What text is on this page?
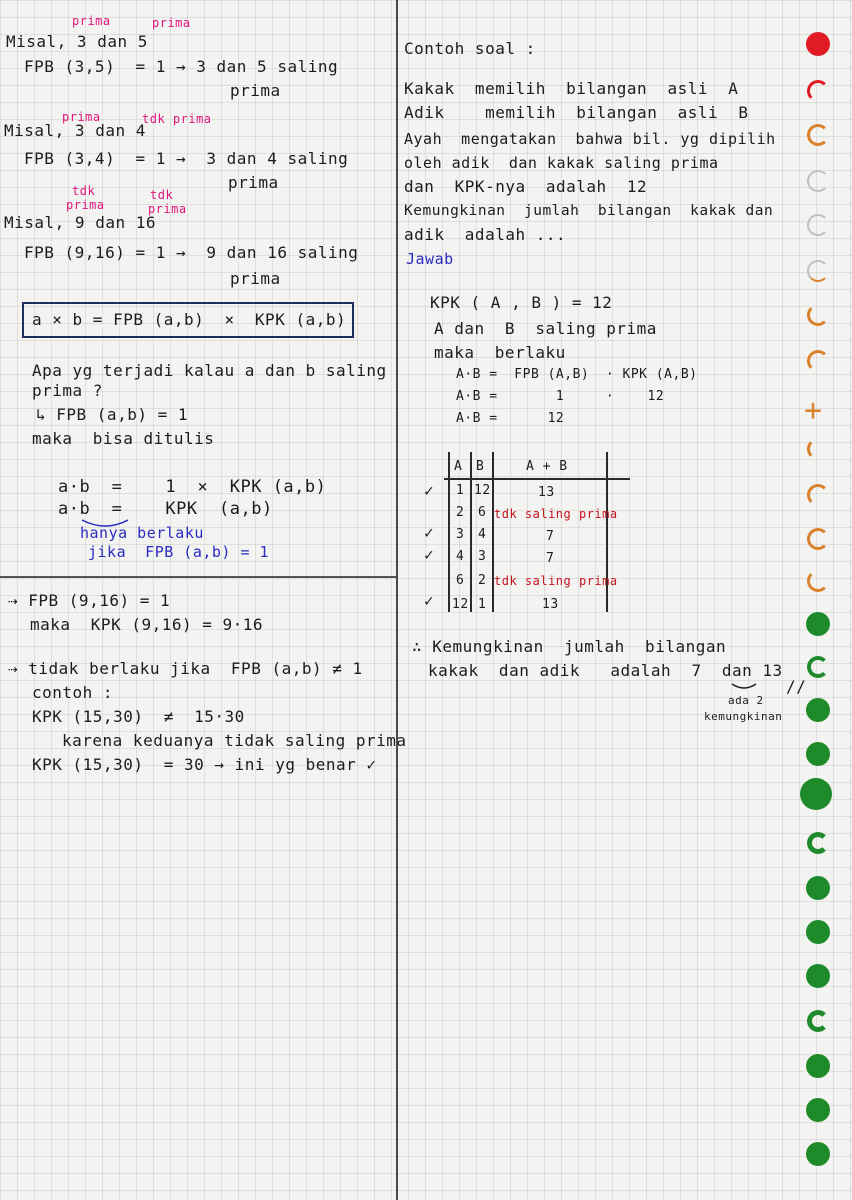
prima	prima
Misal, 3 dan 5
FPB (3,5)  = 1 → 3 dan 5 saling
prima
prima	tdk prima
Misal, 3 dan 4
FPB (3,4)  = 1 →  3 dan 4 saling
prima
tdk
prima
tdk
prima
Misal, 9 dan 16
FPB (9,16) = 1 →  9 dan 16 saling
prima
a × b = FPB (a,b)  ×  KPK (a,b)
Apa yg terjadi kalau a dan b saling
prima ?
↳ FPB (a,b) = 1
maka  bisa ditulis
a·b  =    1  ×  KPK (a,b)
a·b  =    KPK  (a,b)
hanya berlaku
jika  FPB (a,b) = 1
⇢ FPB (9,16) = 1
maka  KPK (9,16) = 9·16
⇢ tidak berlaku jika  FPB (a,b) ≠ 1
contoh :
KPK (15,30)  ≠  15·30
karena keduanya tidak saling prima
KPK (15,30)  = 30 → ini yg benar ✓
Contoh soal :
Kakak  memilih  bilangan  asli  A
Adik    memilih  bilangan  asli  B
Ayah  mengatakan  bahwa bil. yg dipilih
oleh adik  dan kakak saling prima
dan  KPK-nya  adalah  12
Kemungkinan  jumlah  bilangan  kakak dan
adik  adalah ...
Jawab
KPK ( A , B ) = 12
A dan  B  saling prima
maka  berlaku
A·B =  FPB (A,B)  · KPK (A,B)
A·B =       1     ·    12
A·B =      12
A B	A + B
✓ 1 12	13
2 6 tdk saling prima
✓ 3 4	7
✓ 4 3	7
6 2 tdk saling prima
✓ 12 1	13
∴ Kemungkinan  jumlah  bilangan
kakak  dan adik   adalah  7  dan 13
ada 2
kemungkinan
//
+
